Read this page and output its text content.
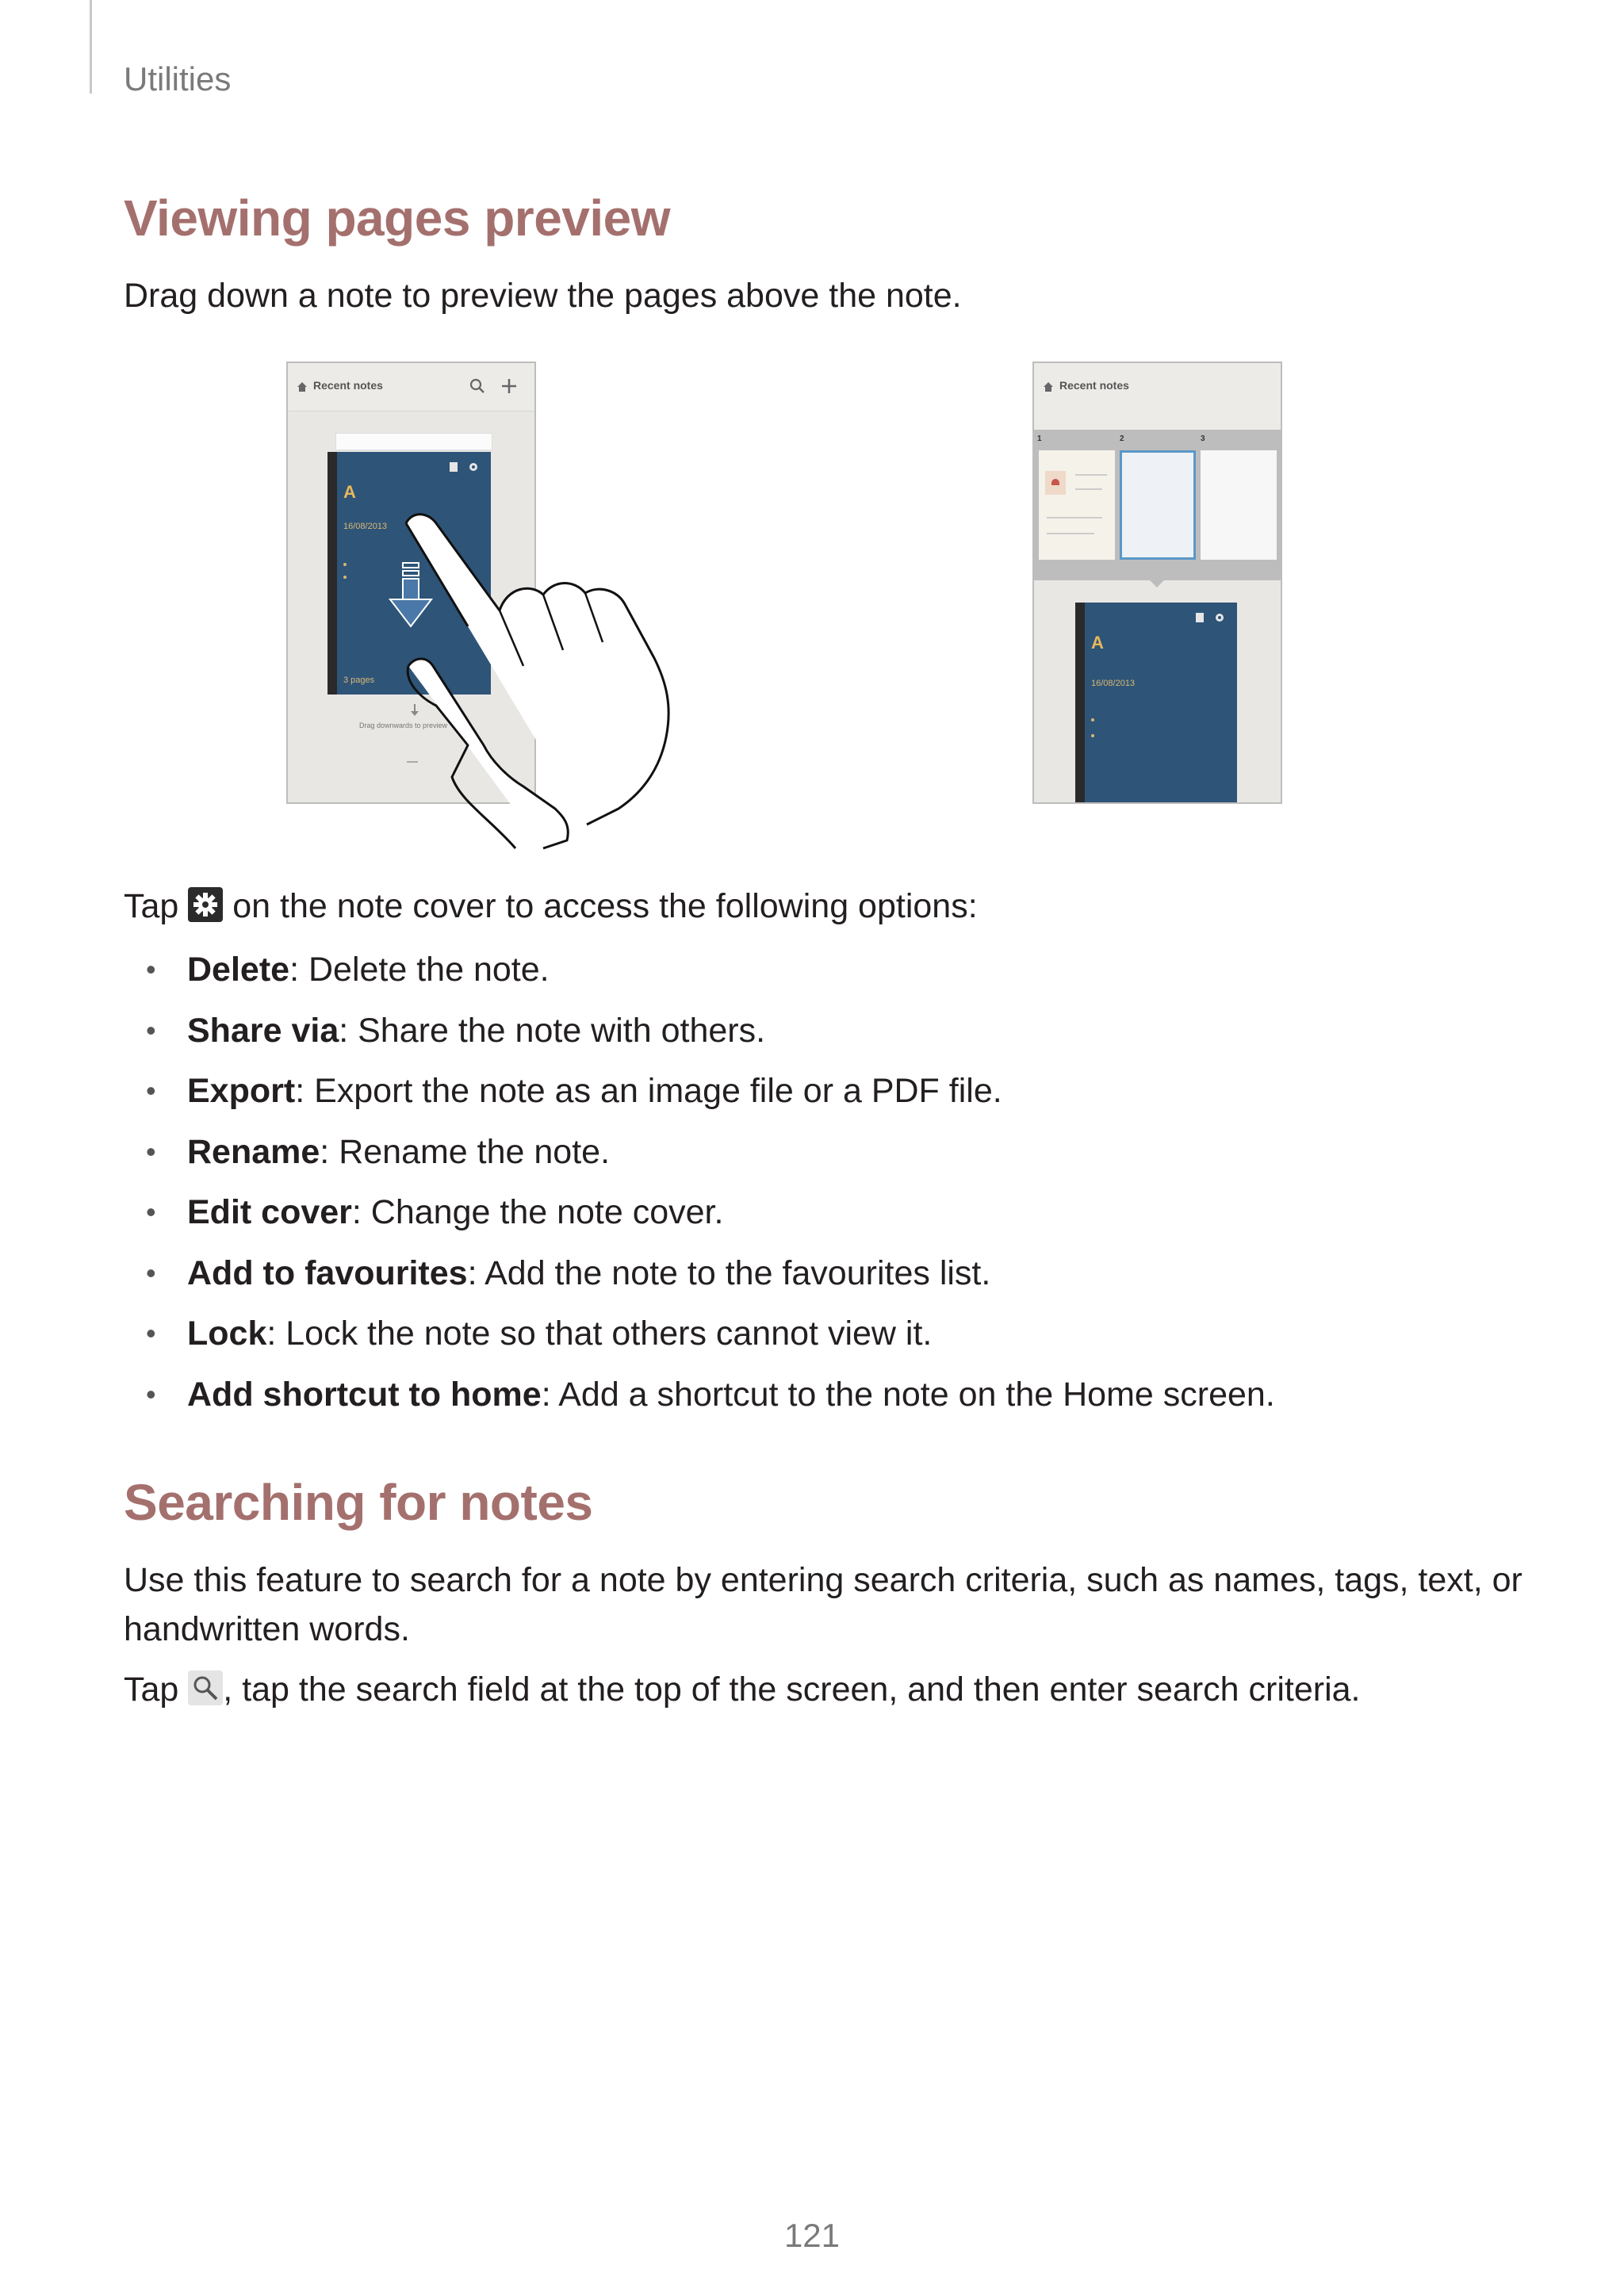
Utilities
Viewing pages preview

Drag down a note to preview the pages above the note.

Recent notes
A
16/08/2013
3 pages
Drag downwards to preview
Recent notes
1	2	3
A
16/08/2013

Tap on the note cover to access the following options:

• Delete: Delete the note.
• Share via: Share the note with others.
• Export: Export the note as an image file or a PDF file.
• Rename: Rename the note.
• Edit cover: Change the note cover.
• Add to favourites: Add the note to the favourites list.
• Lock: Lock the note so that others cannot view it.
• Add shortcut to home: Add a shortcut to the note on the Home screen.
Searching for notes

Use this feature to search for a note by entering search criteria, such as names, tags, text, or

handwritten words.

Tap , tap the search field at the top of the screen, and then enter search criteria.

121
